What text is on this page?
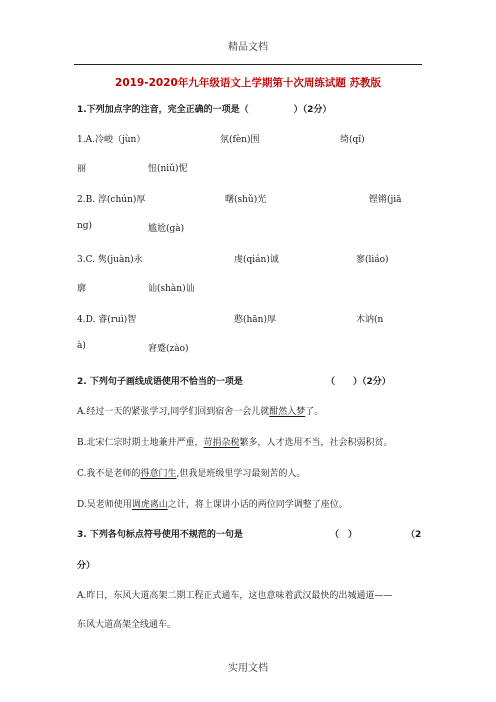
精品文档
2019-2020年九年级语文上学期第十次周练试题 苏教版
1.下列加点字的注音，完全正确的一项是（　　　　　）（2分）
1.A.冷峻（jùn）	氛(fèn)围	绮(qǐ)
丽	忸(niǔ)怩
2.B. 淳(chún)厚	曙(shǔ)光	铿锵(jiā
ng)	尴尬(gà)
3.C. 隽(juàn)永	虔(qián)诚	寥(liáo)
廓	讪(shàn)讪
4.D. 睿(ruì)智	憨(hān)厚	木讷(n
à)	窘蹙(zào)
2. 下列句子画线成语使用不恰当的一项是	（　　）（2分）
A.经过一天的紧张学习,同学们回到宿舍一会儿就酣然入梦了。
B.北宋仁宗时期土地兼并严重，苛捐杂税繁多，人才选用不当，社会积弱积贫。
C.我不是老师的得意门生,但我是班级里学习最刻苦的人。
D.吴老师使用调虎离山之计，将上课讲小话的两位同学调整了座位。
3. 下列各句标点符号使用不规范的一句是	（　）	（2
分）
A.昨日，东风大道高架二期工程正式通车，这也意味着武汉最快的出城通道——
东风大道高架全线通车。
实用文档
